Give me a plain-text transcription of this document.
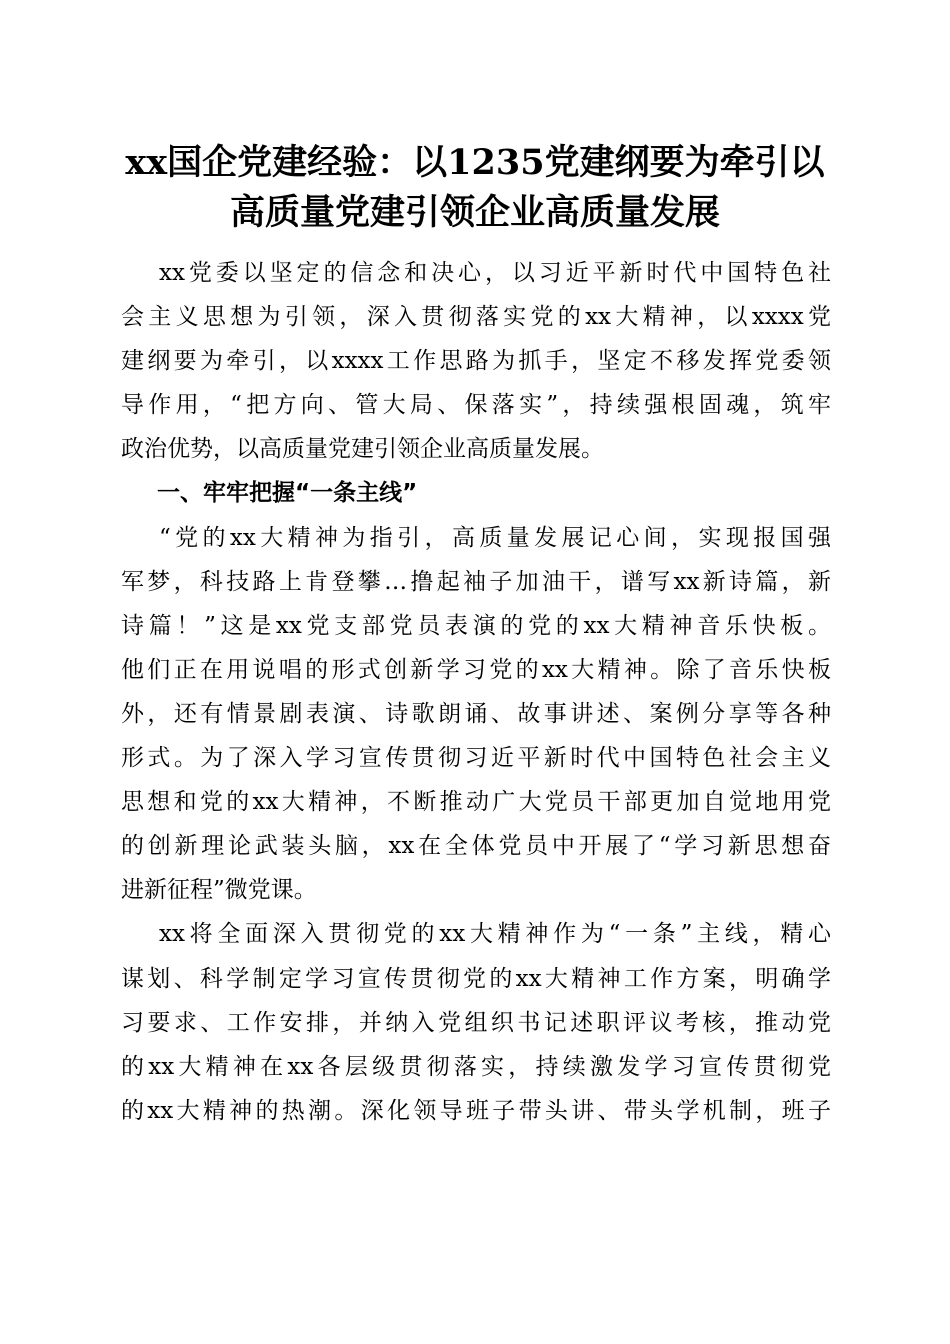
xx国企党建经验：以1235党建纲要为牵引以
高质量党建引领企业高质量发展
xx党委以坚定的信念和决心，以习近平新时代中国特色社
会主义思想为引领，深入贯彻落实党的xx大精神，以xxxx党
建纲要为牵引，以xxxx工作思路为抓手，坚定不移发挥党委领
导作用，“把方向、管大局、保落实”，持续强根固魂，筑牢
政治优势，以高质量党建引领企业高质量发展。
一、牢牢把握“一条主线”
“党的xx大精神为指引，高质量发展记心间，实现报国强
军梦，科技路上肯登攀…撸起袖子加油干，谱写xx新诗篇，新
诗篇！”这是xx党支部党员表演的党的xx大精神音乐快板。
他们正在用说唱的形式创新学习党的xx大精神。除了音乐快板
外，还有情景剧表演、诗歌朗诵、故事讲述、案例分享等各种
形式。为了深入学习宣传贯彻习近平新时代中国特色社会主义
思想和党的xx大精神，不断推动广大党员干部更加自觉地用党
的创新理论武装头脑，xx在全体党员中开展了“学习新思想奋
进新征程”微党课。
xx将全面深入贯彻党的xx大精神作为“一条”主线，精心
谋划、科学制定学习宣传贯彻党的xx大精神工作方案，明确学
习要求、工作安排，并纳入党组织书记述职评议考核，推动党
的xx大精神在xx各层级贯彻落实，持续激发学习宣传贯彻党
的xx大精神的热潮。深化领导班子带头讲、带头学机制，班子
